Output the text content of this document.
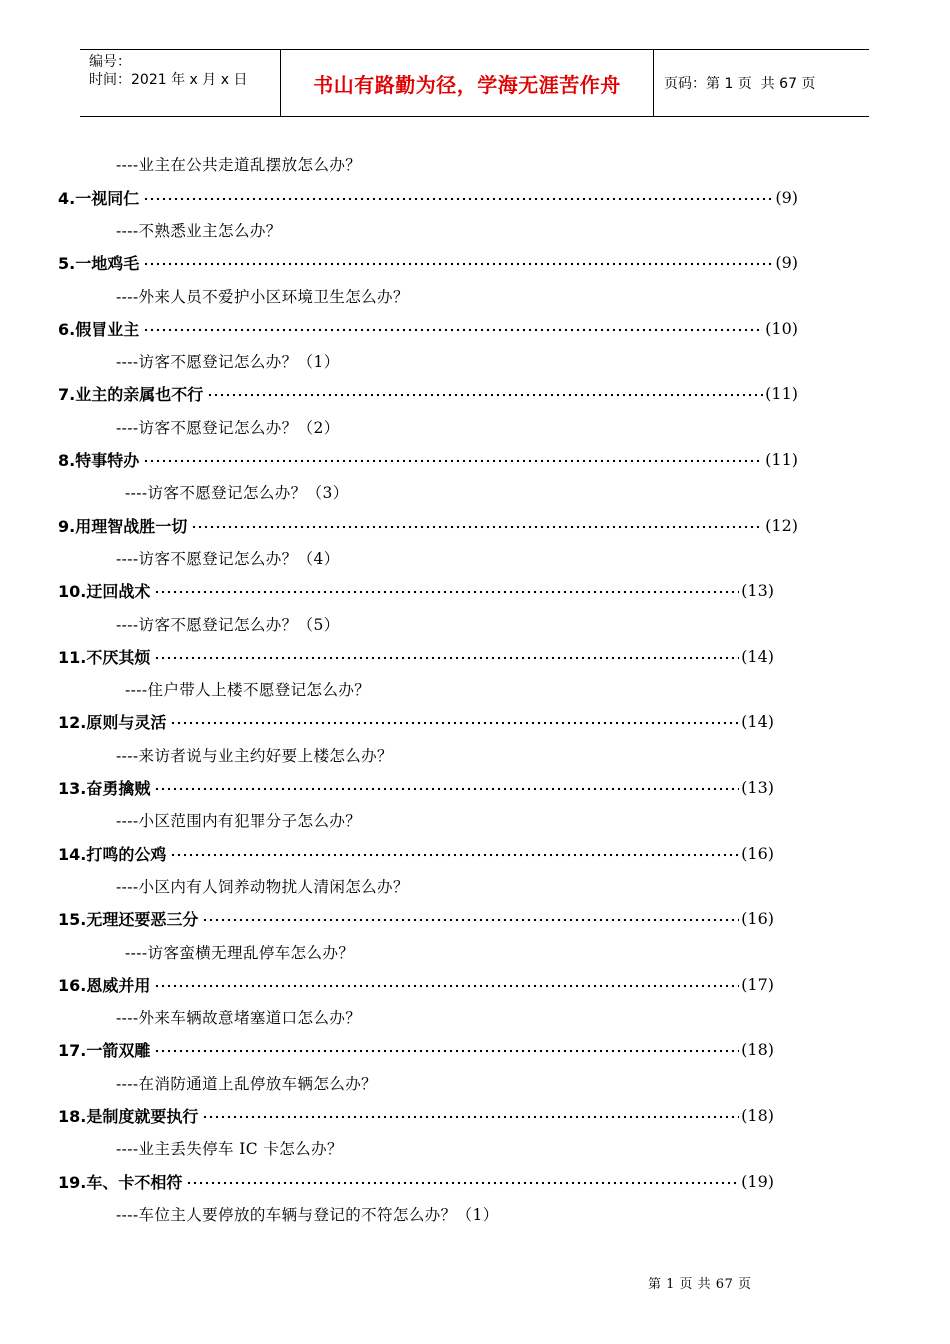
编号：
时间：2021 年 x 月 x 日	书山有路勤为径，学海无涯苦作舟	页码：第 1 页  共 67 页
----业主在公共走道乱摆放怎么办？
4.一视同仁	(9)
----不熟悉业主怎么办？
5.一地鸡毛	(9)
----外来人员不爱护小区环境卫生怎么办？
6.假冒业主	(10)
----访客不愿登记怎么办？（1）
7.业主的亲属也不行	(11)
----访客不愿登记怎么办？（2）
8.特事特办	(11)
----访客不愿登记怎么办？（3）
9.用理智战胜一切	(12)
----访客不愿登记怎么办？（4）
10.迂回战术	(13)
----访客不愿登记怎么办？（5）
11.不厌其烦	(14)
----住户带人上楼不愿登记怎么办？
12.原则与灵活	(14)
----来访者说与业主约好要上楼怎么办？
13.奋勇擒贼	(13)
----小区范围内有犯罪分子怎么办？
14.打鸣的公鸡	(16)
----小区内有人饲养动物扰人清闲怎么办？
15.无理还要恶三分	(16)
----访客蛮横无理乱停车怎么办？
16.恩威并用	(17)
----外来车辆故意堵塞道口怎么办？
17.一箭双雕	(18)
----在消防通道上乱停放车辆怎么办？
18.是制度就要执行	(18)
----业主丢失停车 IC 卡怎么办？
19.车、卡不相符	(19)
----车位主人要停放的车辆与登记的不符怎么办？（1）
第 1 页 共 67 页
